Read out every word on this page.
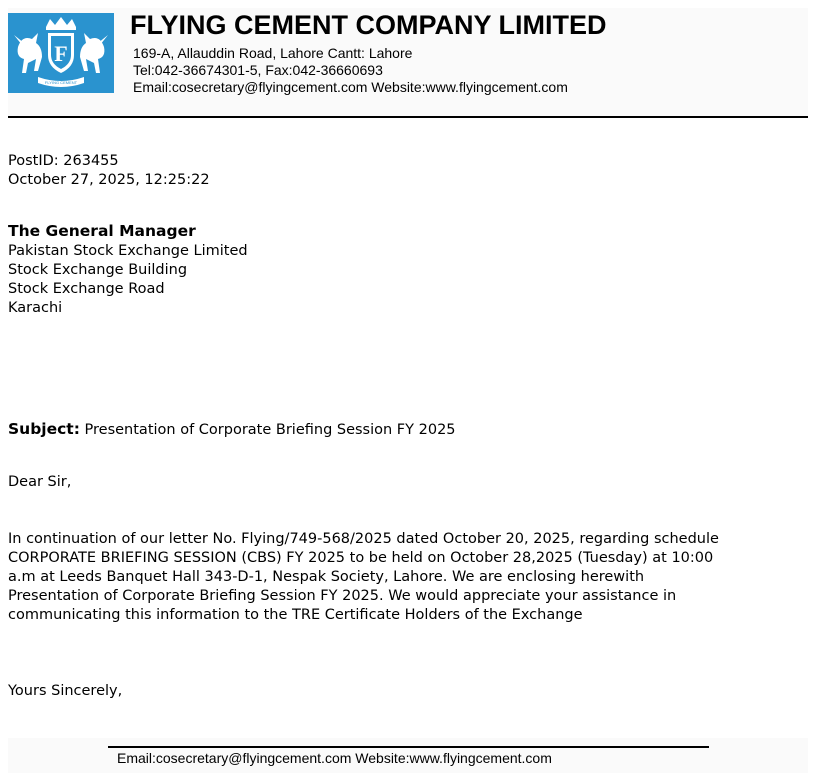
F
FLYING CEMENT
FLYING CEMENT COMPANY LIMITED
169-A, Allauddin Road, Lahore Cantt: Lahore
Tel:042-36674301-5, Fax:042-36660693
Email:cosecretary@flyingcement.com Website:www.flyingcement.com
PostID: 263455
October 27, 2025, 12:25:22
The General Manager
Pakistan Stock Exchange Limited
Stock Exchange Building
Stock Exchange Road
Karachi
Subject: Presentation of Corporate Briefing Session FY 2025
Dear Sir,
In continuation of our letter No. Flying/749-568/2025 dated October 20, 2025, regarding schedule
CORPORATE BRIEFING SESSION (CBS) FY 2025 to be held on October 28,2025 (Tuesday) at 10:00
a.m at Leeds Banquet Hall 343-D-1, Nespak Society, Lahore. We are enclosing herewith
Presentation of Corporate Briefing Session FY 2025. We would appreciate your assistance in
communicating this information to the TRE Certificate Holders of the Exchange
Yours Sincerely,
Email:cosecretary@flyingcement.com Website:www.flyingcement.com
